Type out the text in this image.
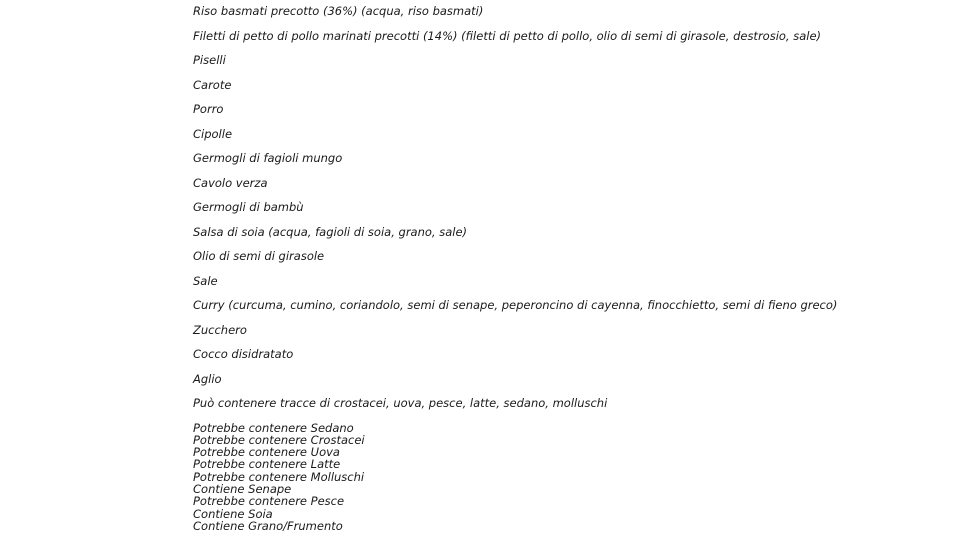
Riso basmati precotto (36%) (acqua, riso basmati)
Filetti di petto di pollo marinati precotti (14%) (filetti di petto di pollo, olio di semi di girasole, destrosio, sale)
Piselli
Carote
Porro
Cipolle
Germogli di fagioli mungo
Cavolo verza
Germogli di bambù
Salsa di soia (acqua, fagioli di soia, grano, sale)
Olio di semi di girasole
Sale
Curry (curcuma, cumino, coriandolo, semi di senape, peperoncino di cayenna, finocchietto, semi di fieno greco)
Zucchero
Cocco disidratato
Aglio
Può contenere tracce di crostacei, uova, pesce, latte, sedano, molluschi
Potrebbe contenere Sedano
Potrebbe contenere Crostacei
Potrebbe contenere Uova
Potrebbe contenere Latte
Potrebbe contenere Molluschi
Contiene Senape
Potrebbe contenere Pesce
Contiene Soia
Contiene Grano/Frumento
